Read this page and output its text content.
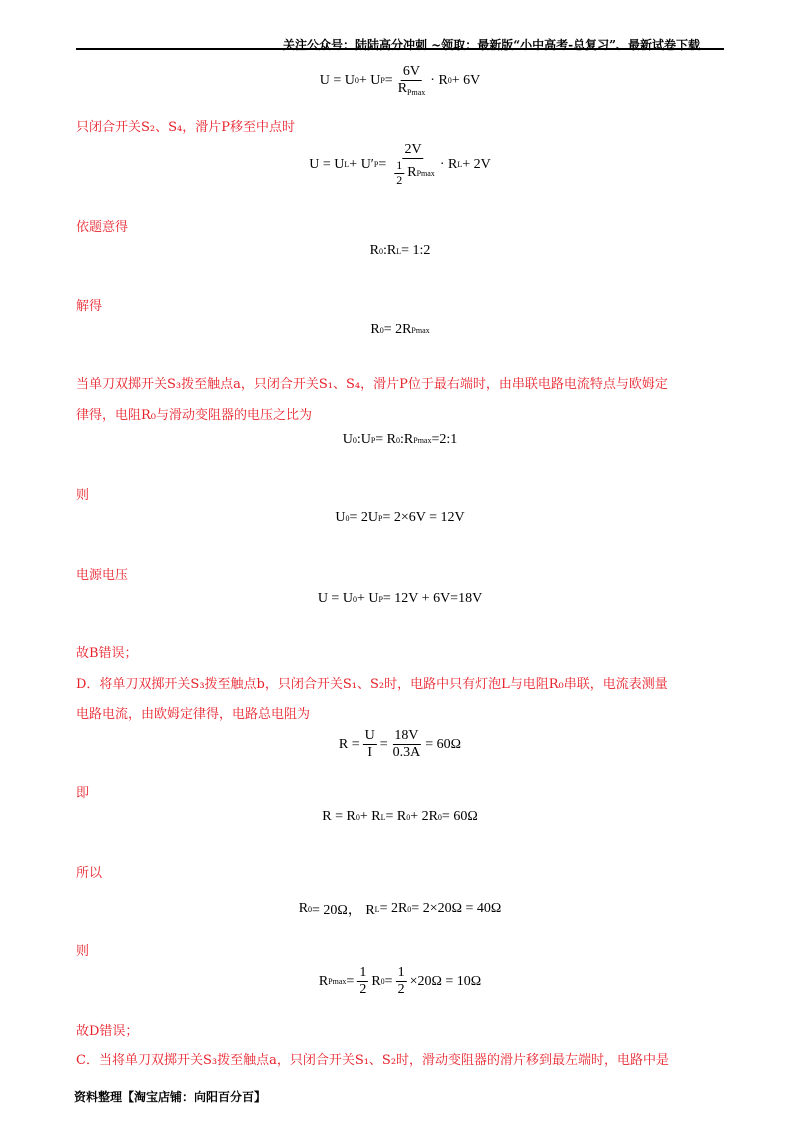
关注公众号：陆陆高分冲刺 ~领取：最新版“小中高考-总复习”、最新试卷下载
U = U 0 + U $P = \frac{6V}{R_{Pmax}} \cdot R$ 0 + 6V
只闭合开关S₂、S₄，滑片P移至中点时
U = U L + U′ $P = \frac{2V}{\frac{1}{2} R Pmax} \cdot R$ L + 2V
依题意得
R 0 :R L = 1:2
解得
R 0 = 2R Pmax
当单刀双掷开关S₃拨至触点a，只闭合开关S₁、S₄，滑片P位于最右端时，由串联电路电流特点与欧姆定
律得，电阻R₀与滑动变阻器的电压之比为
U 0 :U P = R 0 :R Pmax =2:1
则
U 0 = 2U P = 2×6V = 12V
电源电压
U = U 0 + U P = 12V + 6V=18V
故B错误；
D．将单刀双掷开关S₃拨至触点b，只闭合开关S₁、S₂时，电路中只有灯泡L与电阻R₀串联，电流表测量
电路电流，由欧姆定律得，电路总电阻为
$R = \frac{U}{I} = \frac{18V}{0.3A} = 60\Omega$
即
R = R 0 + R L = R 0 + 2R 0 = 60Ω
所以
R 0 = 20Ω， R L = 2R 0 = 2×20Ω = 40Ω
则
R $Pmax = \frac{1}{2}$ R $0 = \frac{1}{2} \times 20\Omega = 10\Omega$
故D错误；
C．当将单刀双掷开关S₃拨至触点a，只闭合开关S₁、S₂时，滑动变阻器的滑片移到最左端时，电路中是
资料整理【淘宝店铺：向阳百分百】
